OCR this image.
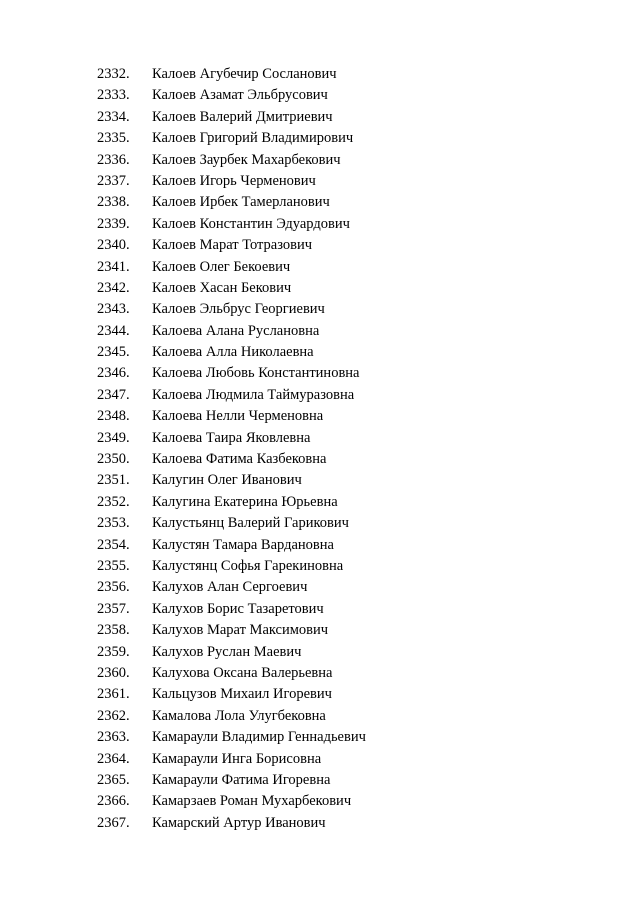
2332.	Калоев Агубечир Сосланович
2333.	Калоев Азамат Эльбрусович
2334.	Калоев Валерий Дмитриевич
2335.	Калоев Григорий Владимирович
2336.	Калоев Заурбек Махарбекович
2337.	Калоев Игорь Черменович
2338.	Калоев Ирбек Тамерланович
2339.	Калоев Константин Эдуардович
2340.	Калоев Марат Тотразович
2341.	Калоев Олег Бекоевич
2342.	Калоев Хасан Бекович
2343.	Калоев Эльбрус Георгиевич
2344.	Калоева Алана Руслановна
2345.	Калоева Алла Николаевна
2346.	Калоева Любовь Константиновна
2347.	Калоева Людмила Таймуразовна
2348.	Калоева Нелли Черменовна
2349.	Калоева Таира Яковлевна
2350.	Калоева Фатима Казбековна
2351.	Калугин Олег Иванович
2352.	Калугина Екатерина Юрьевна
2353.	Калустьянц Валерий Гарикович
2354.	Калустян Тамара Вардановна
2355.	Калустянц Софья Гарекиновна
2356.	Калухов Алан Сергоевич
2357.	Калухов Борис Тазаретович
2358.	Калухов Марат Максимович
2359.	Калухов Руслан Маевич
2360.	Калухова Оксана Валерьевна
2361.	Кальцузов Михаил Игоревич
2362.	Камалова Лола Улугбековна
2363.	Камараули Владимир Геннадьевич
2364.	Камараули Инга Борисовна
2365.	Камараули Фатима Игоревна
2366.	Камарзаев Роман Мухарбекович
2367.	Камарский Артур Иванович
